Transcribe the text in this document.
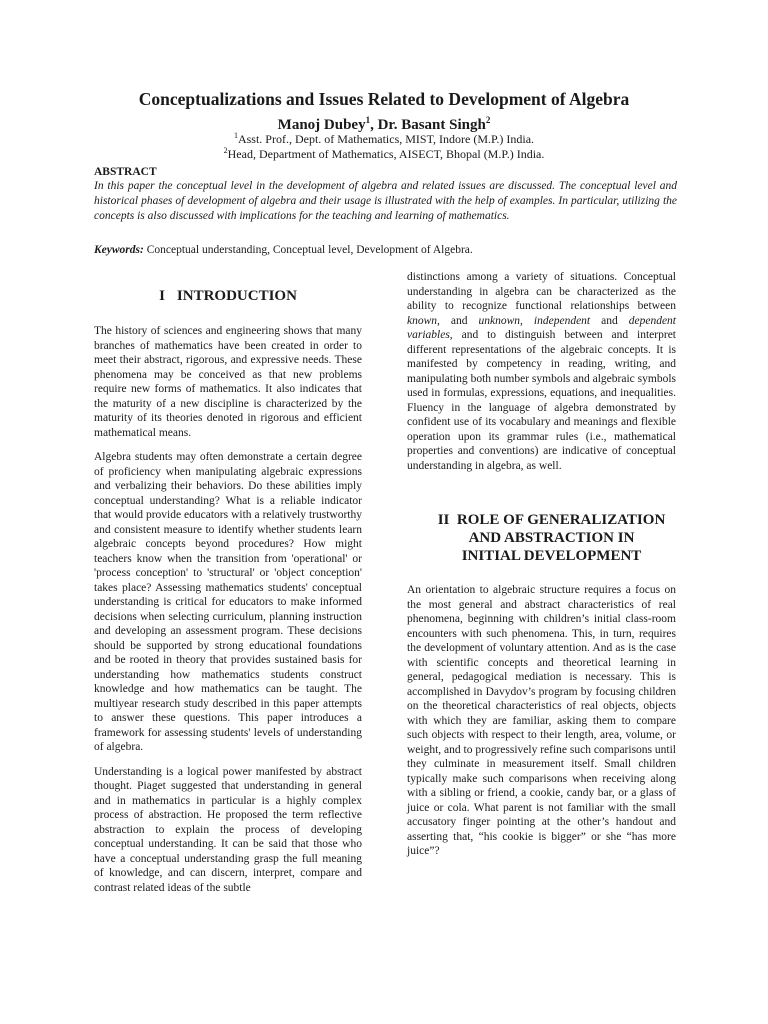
Conceptualizations and Issues Related to Development of Algebra
Manoj Dubey$^1$, Dr. Basant Singh$^2$
$^1$Asst. Prof., Dept. of Mathematics, MIST, Indore (M.P.) India.
$^2$Head, Department of Mathematics, AISECT, Bhopal (M.P.) India.
ABSTRACT
In this paper the conceptual level in the development of algebra and related issues are discussed. The conceptual level and historical phases of development of algebra and their usage is illustrated with the help of examples. In particular, utilizing the concepts is also discussed with implications for the teaching and learning of mathematics.
Keywords: Conceptual understanding, Conceptual level, Development of Algebra.
I INTRODUCTION

The history of sciences and engineering shows that many branches of mathematics have been created in order to meet their abstract, rigorous, and expressive needs. These phenomena may be conceived as that new problems require new forms of mathematics. It also indicates that the maturity of a new discipline is characterized by the maturity of its theories denoted in rigorous and efficient mathematical means.

Algebra students may often demonstrate a certain degree of proficiency when manipulating algebraic expressions and verbalizing their behaviors. Do these abilities imply conceptual understanding? What is a reliable indicator that would provide educators with a relatively trustworthy and consistent measure to identify whether students learn algebraic concepts beyond procedures? How might teachers know when the transition from 'operational' or 'process conception' to 'structural' or 'object conception' takes place? Assessing mathematics students' conceptual understanding is critical for educators to make informed decisions when selecting curriculum, planning instruction and developing an assessment program. These decisions should be supported by strong educational foundations and be rooted in theory that provides sustained basis for understanding how mathematics students construct knowledge and how mathematics can be taught. The multiyear research study described in this paper attempts to answer these questions. This paper introduces a framework for assessing students' levels of understanding of algebra.

Understanding is a logical power manifested by abstract thought. Piaget suggested that understanding in general and in mathematics in particular is a highly complex process of abstraction. He proposed the term reflective abstraction to explain the process of developing conceptual understanding. It can be said that those who have a conceptual understanding grasp the full meaning of knowledge, and can discern, interpret, compare and contrast related ideas of the subtle

distinctions among a variety of situations. Conceptual understanding in algebra can be characterized as the ability to recognize functional relationships between known, and unknown, independent and dependent variables, and to distinguish between and interpret different representations of the algebraic concepts. It is manifested by competency in reading, writing, and manipulating both number symbols and algebraic symbols used in formulas, expressions, equations, and inequalities. Fluency in the language of algebra demonstrated by confident use of its vocabulary and meanings and flexible operation upon its grammar rules (i.e., mathematical properties and conventions) are indicative of conceptual understanding in algebra, as well.

II ROLE OF GENERALIZATION
AND ABSTRACTION IN
INITIAL DEVELOPMENT

An orientation to algebraic structure requires a focus on the most general and abstract characteristics of real phenomena, beginning with children’s initial class-room encounters with such phenomena. This, in turn, requires the development of voluntary attention. And as is the case with scientific concepts and theoretical learning in general, pedagogical mediation is necessary. This is accomplished in Davydov’s program by focusing children on the theoretical characteristics of real objects, objects with which they are familiar, asking them to compare such objects with respect to their length, area, volume, or weight, and to progressively refine such comparisons until they culminate in measurement itself. Small children typically make such comparisons when receiving along with a sibling or friend, a cookie, candy bar, or a glass of juice or cola. What parent is not familiar with the small accusatory finger pointing at the other’s handout and asserting that, “his cookie is bigger” or she “has more juice”?
